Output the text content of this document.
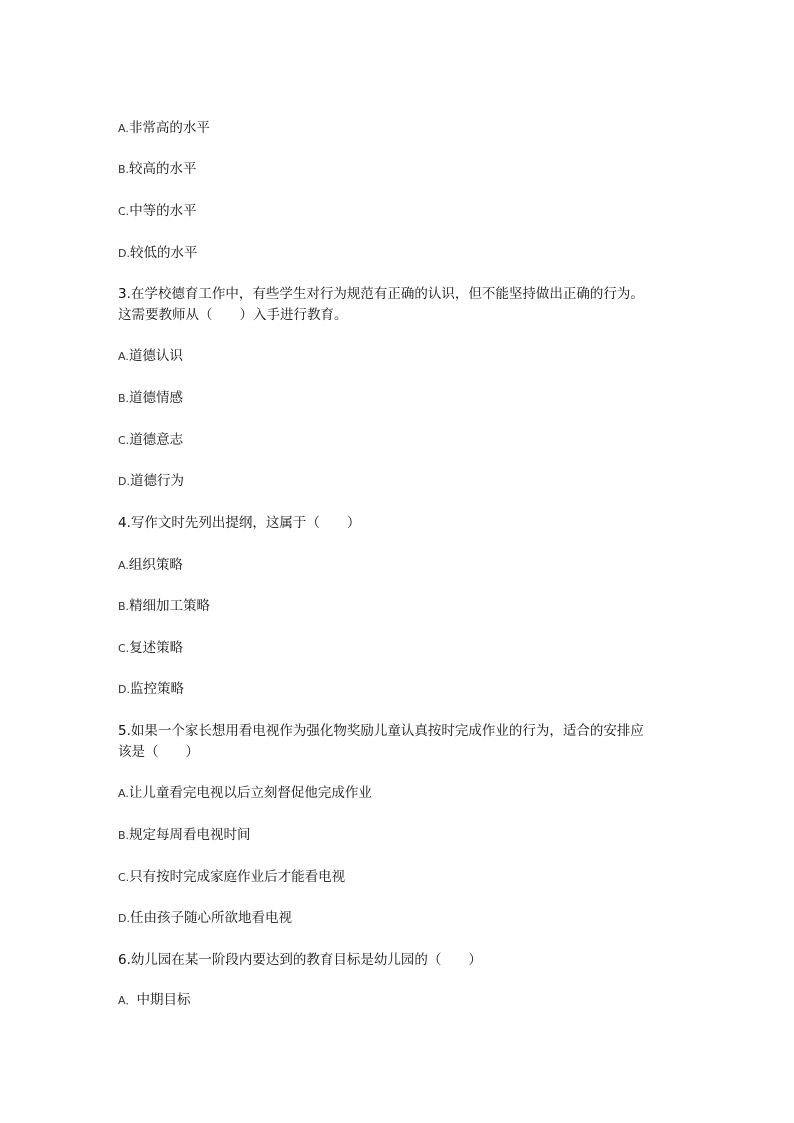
A.非常高的水平
B.较高的水平
C.中等的水平
D.较低的水平
3.在学校德育工作中，有些学生对行为规范有正确的认识，但不能坚持做出正确的行为。
这需要教师从（　　）入手进行教育。
A.道德认识
B.道德情感
C.道德意志
D.道德行为
4.写作文时先列出提纲，这属于（　　）
A.组织策略
B.精细加工策略
C.复述策略
D.监控策略
5.如果一个家长想用看电视作为强化物奖励儿童认真按时完成作业的行为，适合的安排应
该是（　　）
A.让儿童看完电视以后立刻督促他完成作业
B.规定每周看电视时间
C.只有按时完成家庭作业后才能看电视
D.任由孩子随心所欲地看电视
6.幼儿园在某一阶段内要达到的教育目标是幼儿园的（　　）
A．中期目标
